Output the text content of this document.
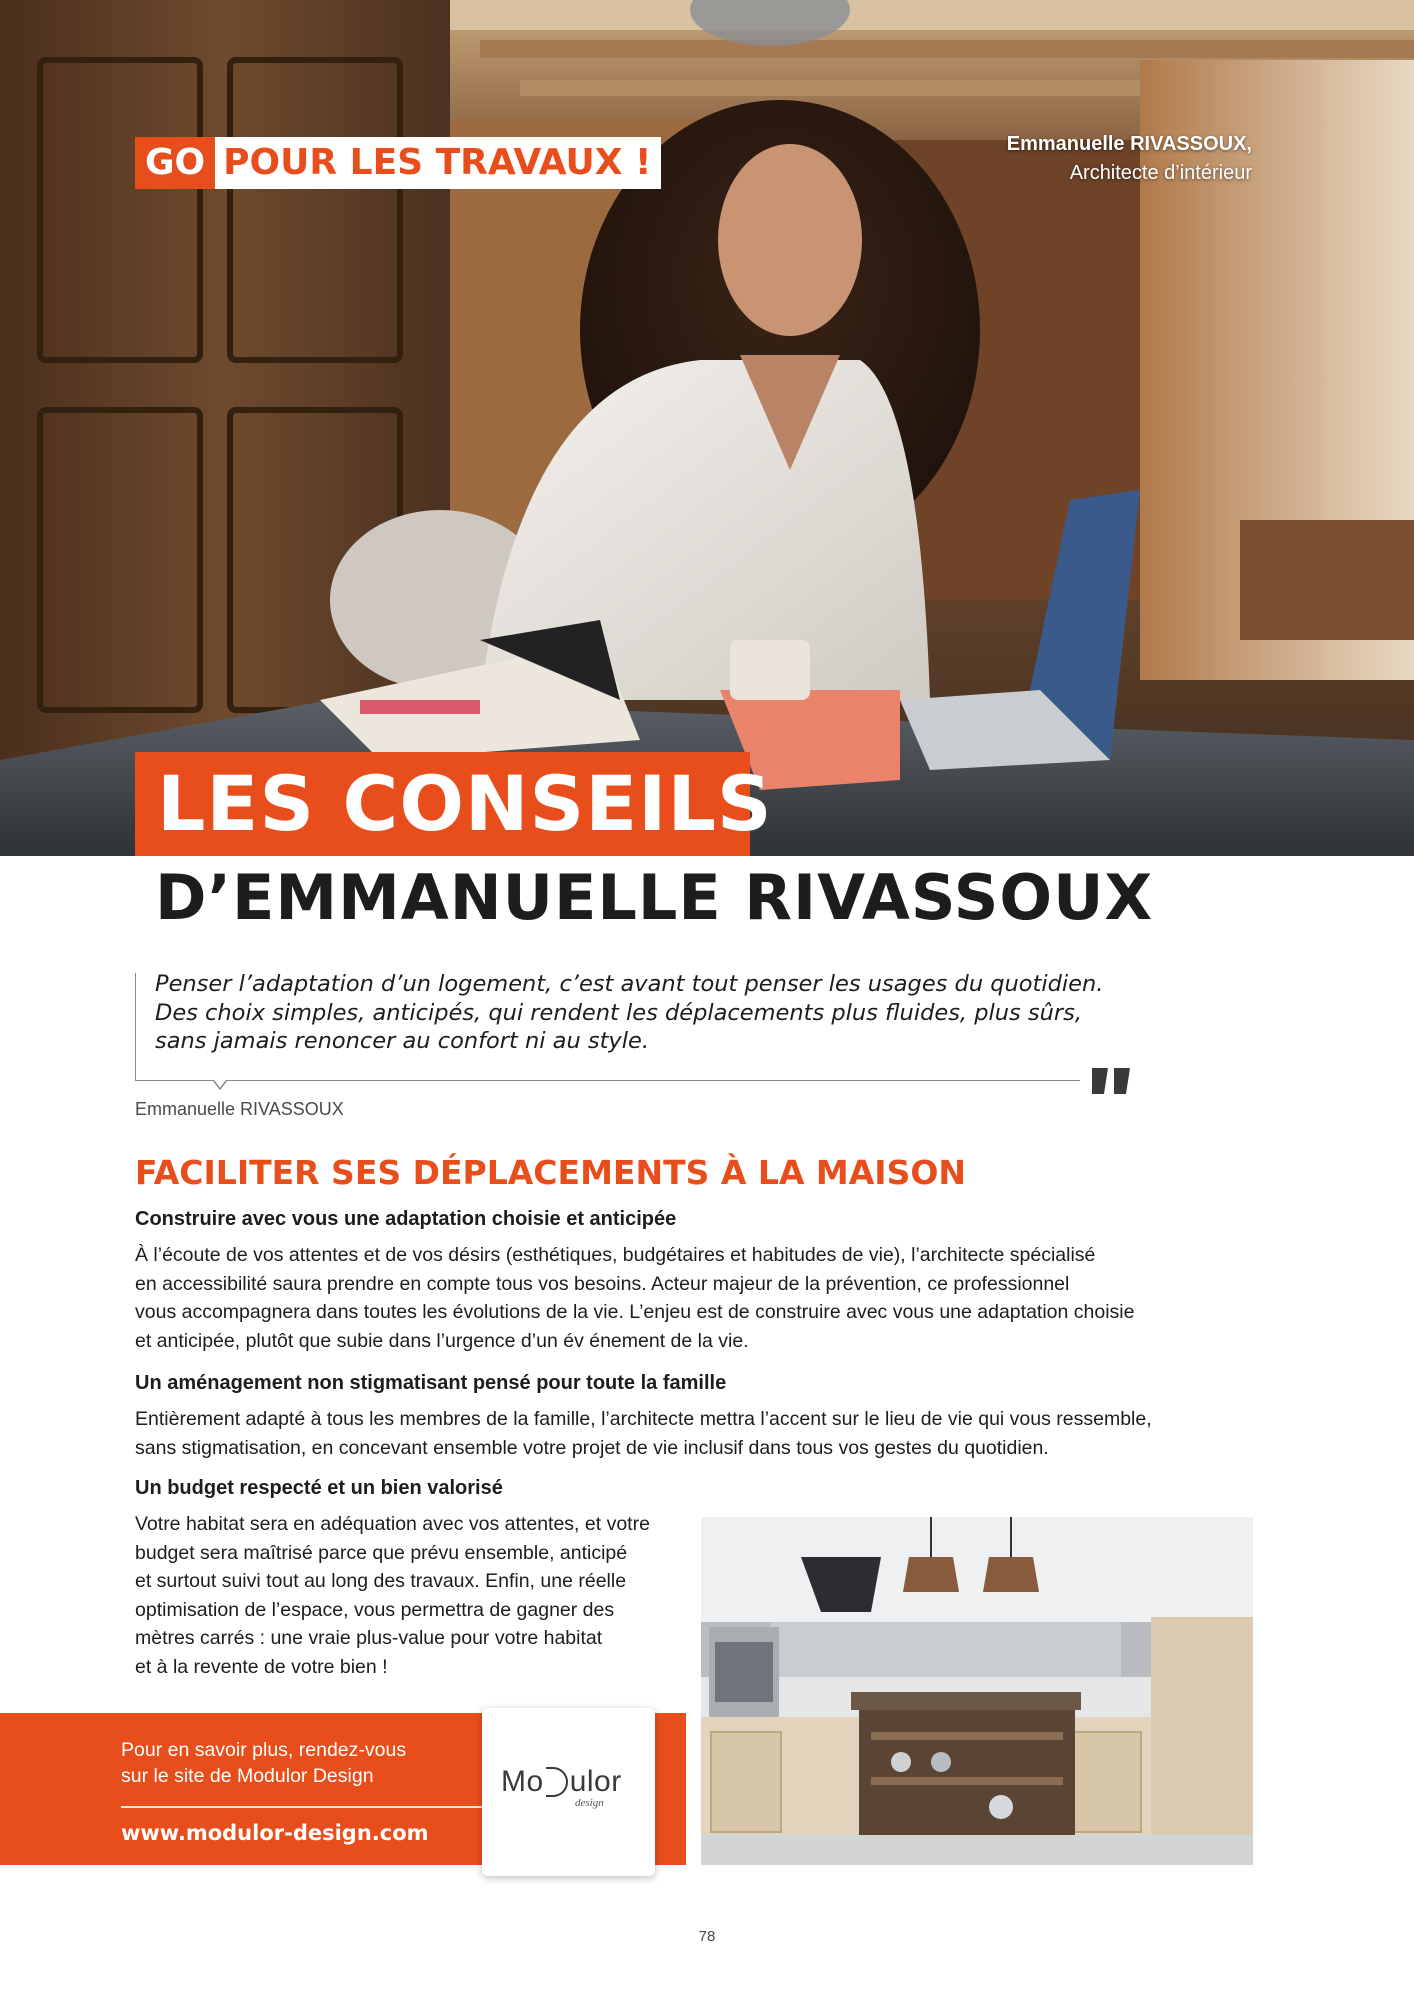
GO POUR LES TRAVAUX !	Emmanuelle RIVASSOUX,
Architecte d’intérieur
LES CONSEILS
D’EMMANUELLE RIVASSOUX

Penser l’adaptation d’un logement, c’est avant tout penser les usages du quotidien.

Des choix simples, anticipés, qui rendent les déplacements plus fluides, plus sûrs,

sans jamais renoncer au confort ni au style.

Emmanuelle RIVASSOUX
FACILITER SES DÉPLACEMENTS À LA MAISON
Construire avec vous une adaptation choisie et anticipée

À l’écoute de vos attentes et de vos désirs (esthétiques, budgétaires et habitudes de vie), l’architecte spécialisé

en accessibilité saura prendre en compte tous vos besoins. Acteur majeur de la prévention, ce professionnel

vous accompagnera dans toutes les évolutions de la vie. L’enjeu est de construire avec vous une adaptation choisie

et anticipée, plutôt que subie dans l’urgence d’un év énement de la vie.

Un aménagement non stigmatisant pensé pour toute la famille

Entièrement adapté à tous les membres de la famille, l’architecte mettra l’accent sur le lieu de vie qui vous ressemble,

sans stigmatisation, en concevant ensemble votre projet de vie inclusif dans tous vos gestes du quotidien.

Un budget respecté et un bien valorisé

Votre habitat sera en adéquation avec vos attentes, et votre

budget sera maîtrisé parce que prévu ensemble, anticipé

et surtout suivi tout au long des travaux. Enfin, une réelle

optimisation de l’espace, vous permettra de gagner des

mètres carrés : une vraie plus-value pour votre habitat

et à la revente de votre bien !

Pour en savoir plus, rendez-vous

sur le site de Modulor Design

www.modulor-design.com
Mo ulor
design
78
